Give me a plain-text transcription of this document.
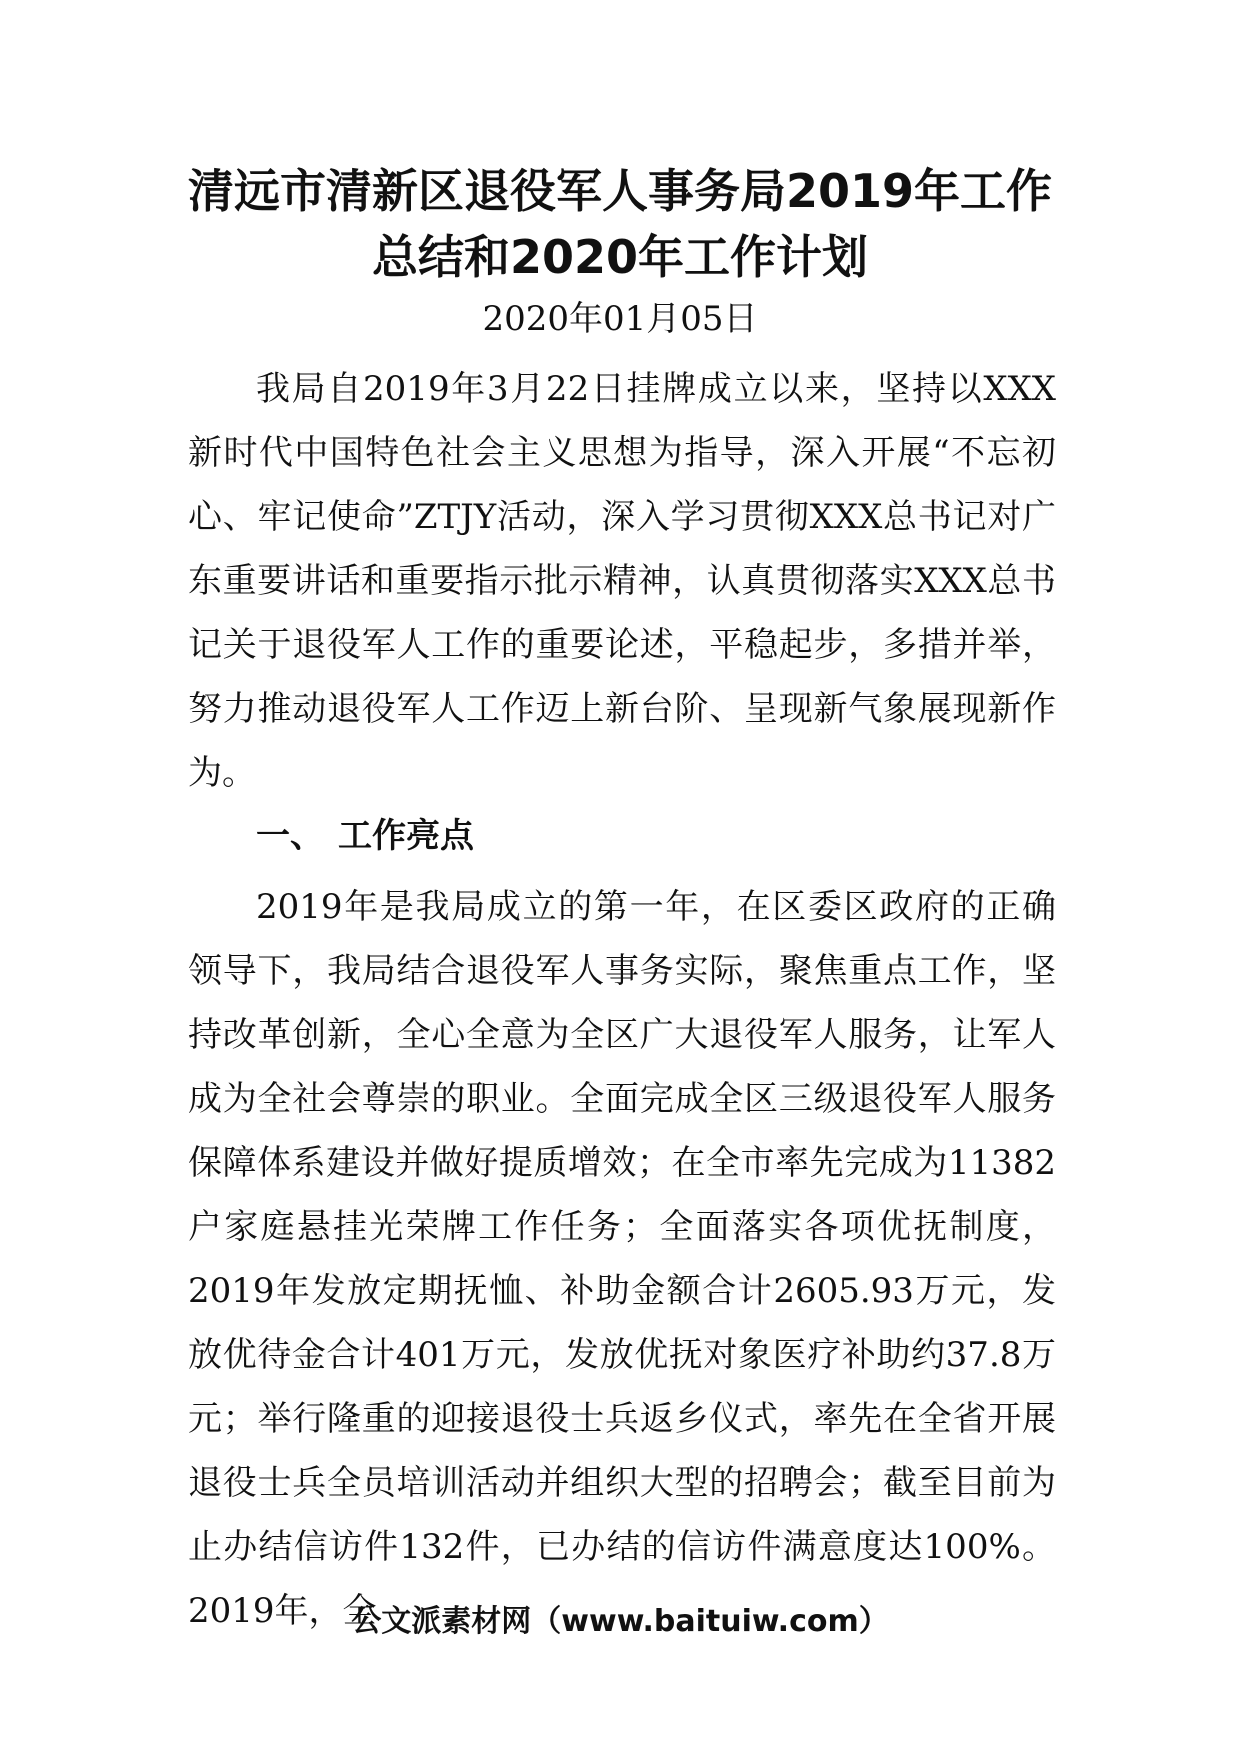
清远市清新区退役军人事务局2019年工作
总结和2020年工作计划
2020年01月05日

我局自2019年3月22日挂牌成立以来，坚持以XXX新时代中国特色社会主义思想为指导，深入开展“不忘初心、牢记使命”ZTJY活动，深入学习贯彻XXX总书记对广东重要讲话和重要指示批示精神，认真贯彻落实XXX总书记关于退役军人工作的重要论述，平稳起步，多措并举，努力推动退役军人工作迈上新台阶、呈现新气象展现新作为。

一、 工作亮点

2019年是我局成立的第一年，在区委区政府的正确领导下，我局结合退役军人事务实际，聚焦重点工作，坚持改革创新，全心全意为全区广大退役军人服务，让军人成为全社会尊崇的职业。全面完成全区三级退役军人服务保障体系建设并做好提质增效；在全市率先完成为11382户家庭悬挂光荣牌工作任务；全面落实各项优抚制度，2019年发放定期抚恤、补助金额合计2605.93万元，发放优待金合计401万元，发放优抚对象医疗补助约37.8万元；举行隆重的迎接退役士兵返乡仪式，率先在全省开展退役士兵全员培训活动并组织大型的招聘会；截至目前为止办结信访件132件，已办结的信访件满意度达100%。2019年，全

公文派素材网（www.baituiw.com）
